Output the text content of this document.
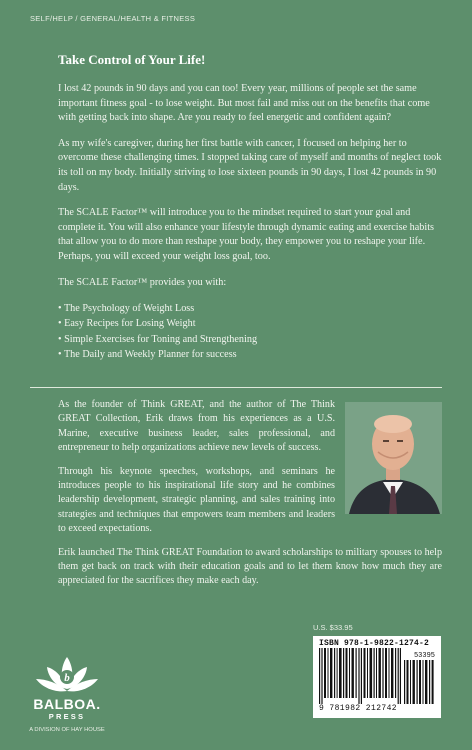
SELF/HELP / GENERAL/HEALTH & FITNESS
Take Control of Your Life!

I lost 42 pounds in 90 days and you can too! Every year, millions of people set the same important fitness goal - to lose weight. But most fail and miss out on the benefits that come with getting back into shape. Are you ready to feel energetic and confident again?

As my wife's caregiver, during her first battle with cancer, I focused on helping her to overcome these challenging times. I stopped taking care of myself and months of neglect took its toll on my body. Initially striving to lose sixteen pounds in 90 days, I lost 42 pounds in 90 days.

The SCALE Factor™ will introduce you to the mindset required to start your goal and complete it. You will also enhance your lifestyle through dynamic eating and exercise habits that allow you to do more than reshape your body, they empower you to reshape your life. Perhaps, you will exceed your weight loss goal, too.

The SCALE Factor™ provides you with:

• The Psychology of Weight Loss
• Easy Recipes for Losing Weight
• Simple Exercises for Toning and Strengthening
• The Daily and Weekly Planner for success

As the founder of Think GREAT, and the author of The Think GREAT Collection, Erik draws from his experiences as a U.S. Marine, executive business leader, sales professional, and entrepreneur to help organizations achieve new levels of success.

Through his keynote speeches, workshops, and seminars he introduces people to his inspirational life story and he combines leadership development, strategic planning, and sales training into strategies and techniques that empowers team members and leaders to exceed expectations.

Erik launched The Think GREAT Foundation to award scholarships to military spouses to help them get back on track with their education goals and to let them know how much they are appreciated for the sacrifices they make each day.

b
BALBOA.
PRESS
A DIVISION OF HAY HOUSE
U.S. $33.95
ISBN 978-1-9822-1274-2
53395
9 781982 212742
